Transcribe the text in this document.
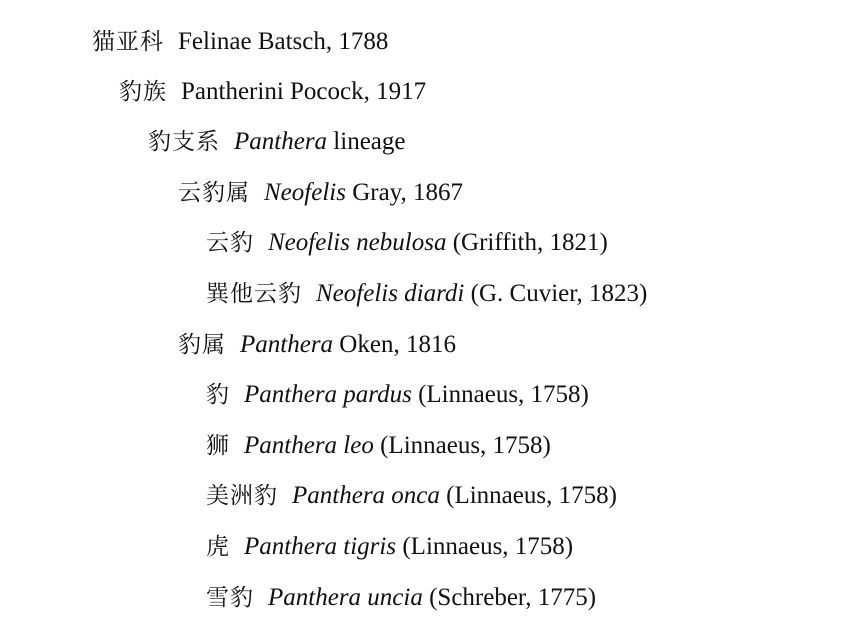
猫亚科 Felinae Batsch, 1788
豹族 Pantherini Pocock, 1917
豹支系 Panthera lineage
云豹属 Neofelis Gray, 1867
云豹 Neofelis nebulosa (Griffith, 1821)
巽他云豹 Neofelis diardi (G. Cuvier, 1823)
豹属 Panthera Oken, 1816
豹 Panthera pardus (Linnaeus, 1758)
狮 Panthera leo (Linnaeus, 1758)
美洲豹 Panthera onca (Linnaeus, 1758)
虎 Panthera tigris (Linnaeus, 1758)
雪豹 Panthera uncia (Schreber, 1775)
